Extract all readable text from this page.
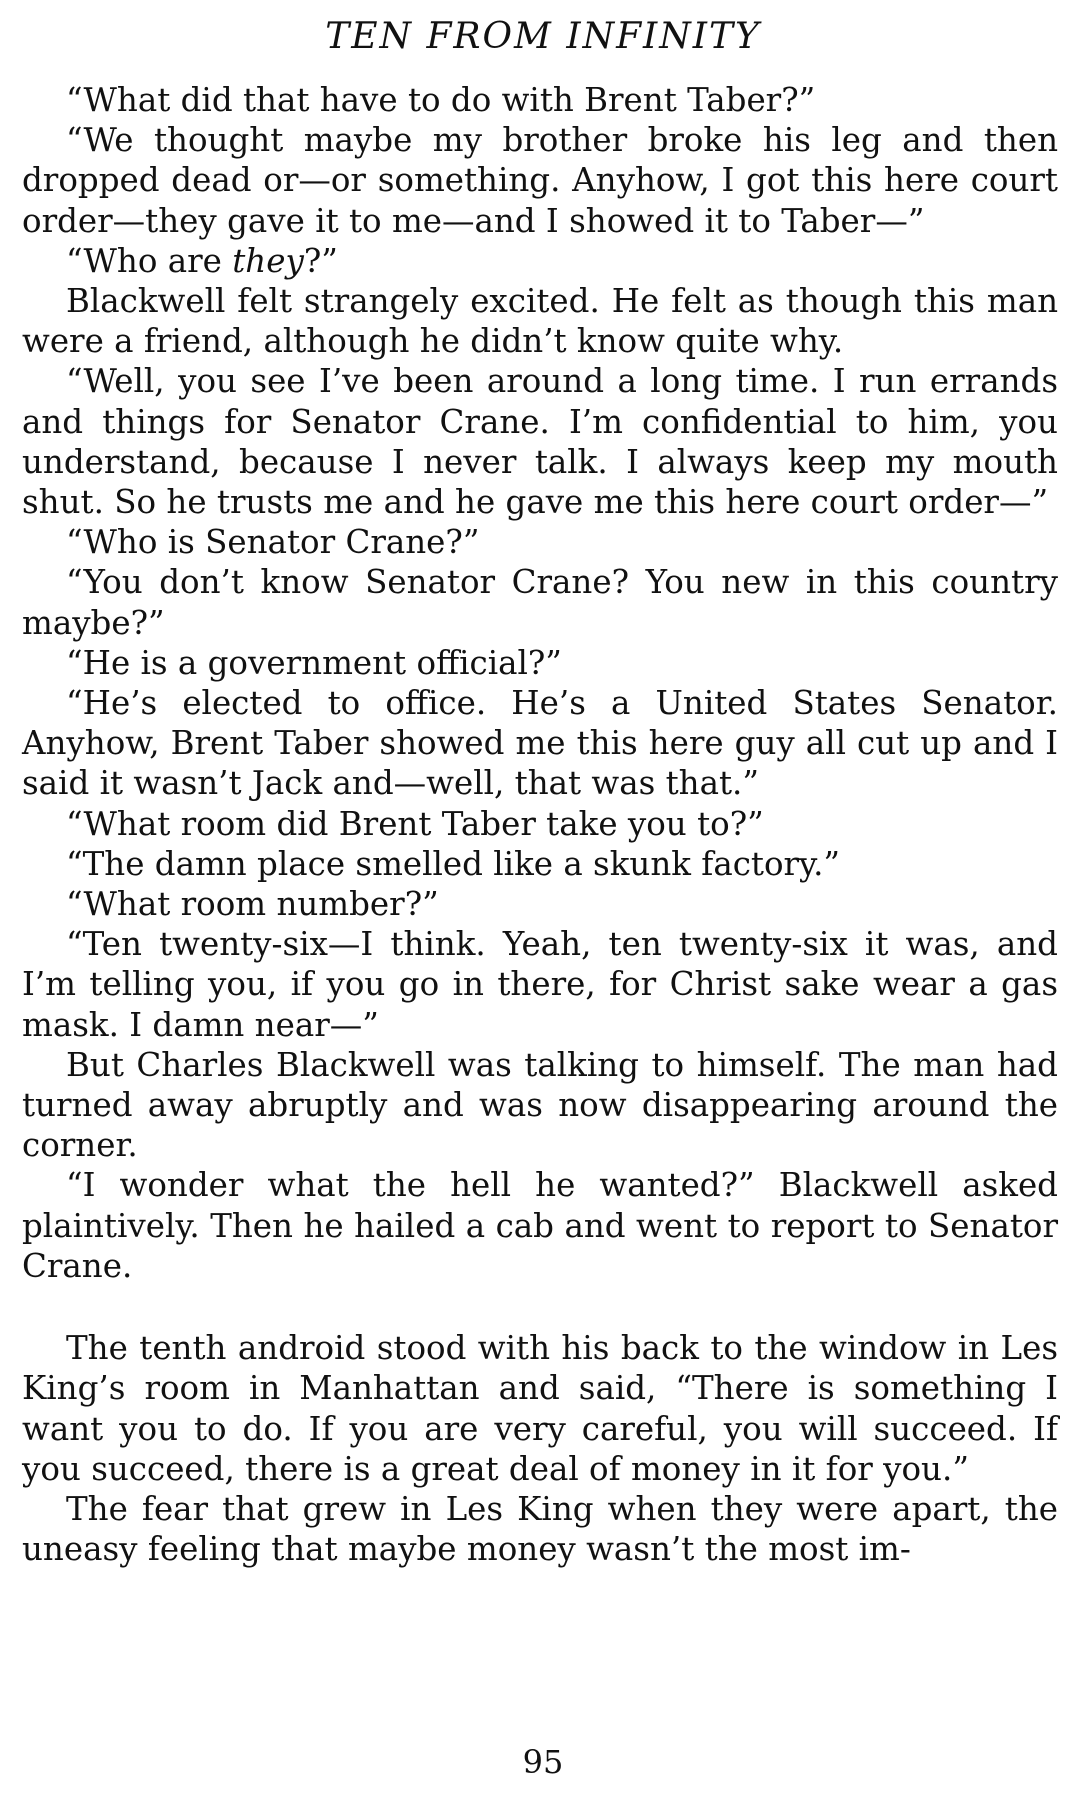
TEN FROM INFINITY

“What did that have to do with Brent Taber?”

“We thought maybe my brother broke his leg and then dropped dead or—or something. Anyhow, I got this here court order—they gave it to me—and I showed it to Taber—”

“Who are they?”

Blackwell felt strangely excited. He felt as though this man were a friend, although he didn’t know quite why.

“Well, you see I’ve been around a long time. I run errands and things for Senator Crane. I’m confidential to him, you understand, because I never talk. I always keep my mouth shut. So he trusts me and he gave me this here court order—”

“Who is Senator Crane?”

“You don’t know Senator Crane? You new in this country maybe?”

“He is a government official?”

“He’s elected to office. He’s a United States Senator. Anyhow, Brent Taber showed me this here guy all cut up and I said it wasn’t Jack and—well, that was that.”

“What room did Brent Taber take you to?”

“The damn place smelled like a skunk factory.”

“What room number?”

“Ten twenty-six—I think. Yeah, ten twenty-six it was, and I’m telling you, if you go in there, for Christ sake wear a gas mask. I damn near—”

But Charles Blackwell was talking to himself. The man had turned away abruptly and was now disappearing around the corner.

“I wonder what the hell he wanted?” Blackwell asked plaintively. Then he hailed a cab and went to report to Senator Crane.

The tenth android stood with his back to the window in Les King’s room in Manhattan and said, “There is something I want you to do. If you are very careful, you will succeed. If you succeed, there is a great deal of money in it for you.”

The fear that grew in Les King when they were apart, the uneasy feeling that maybe money wasn’t the most im-

95
